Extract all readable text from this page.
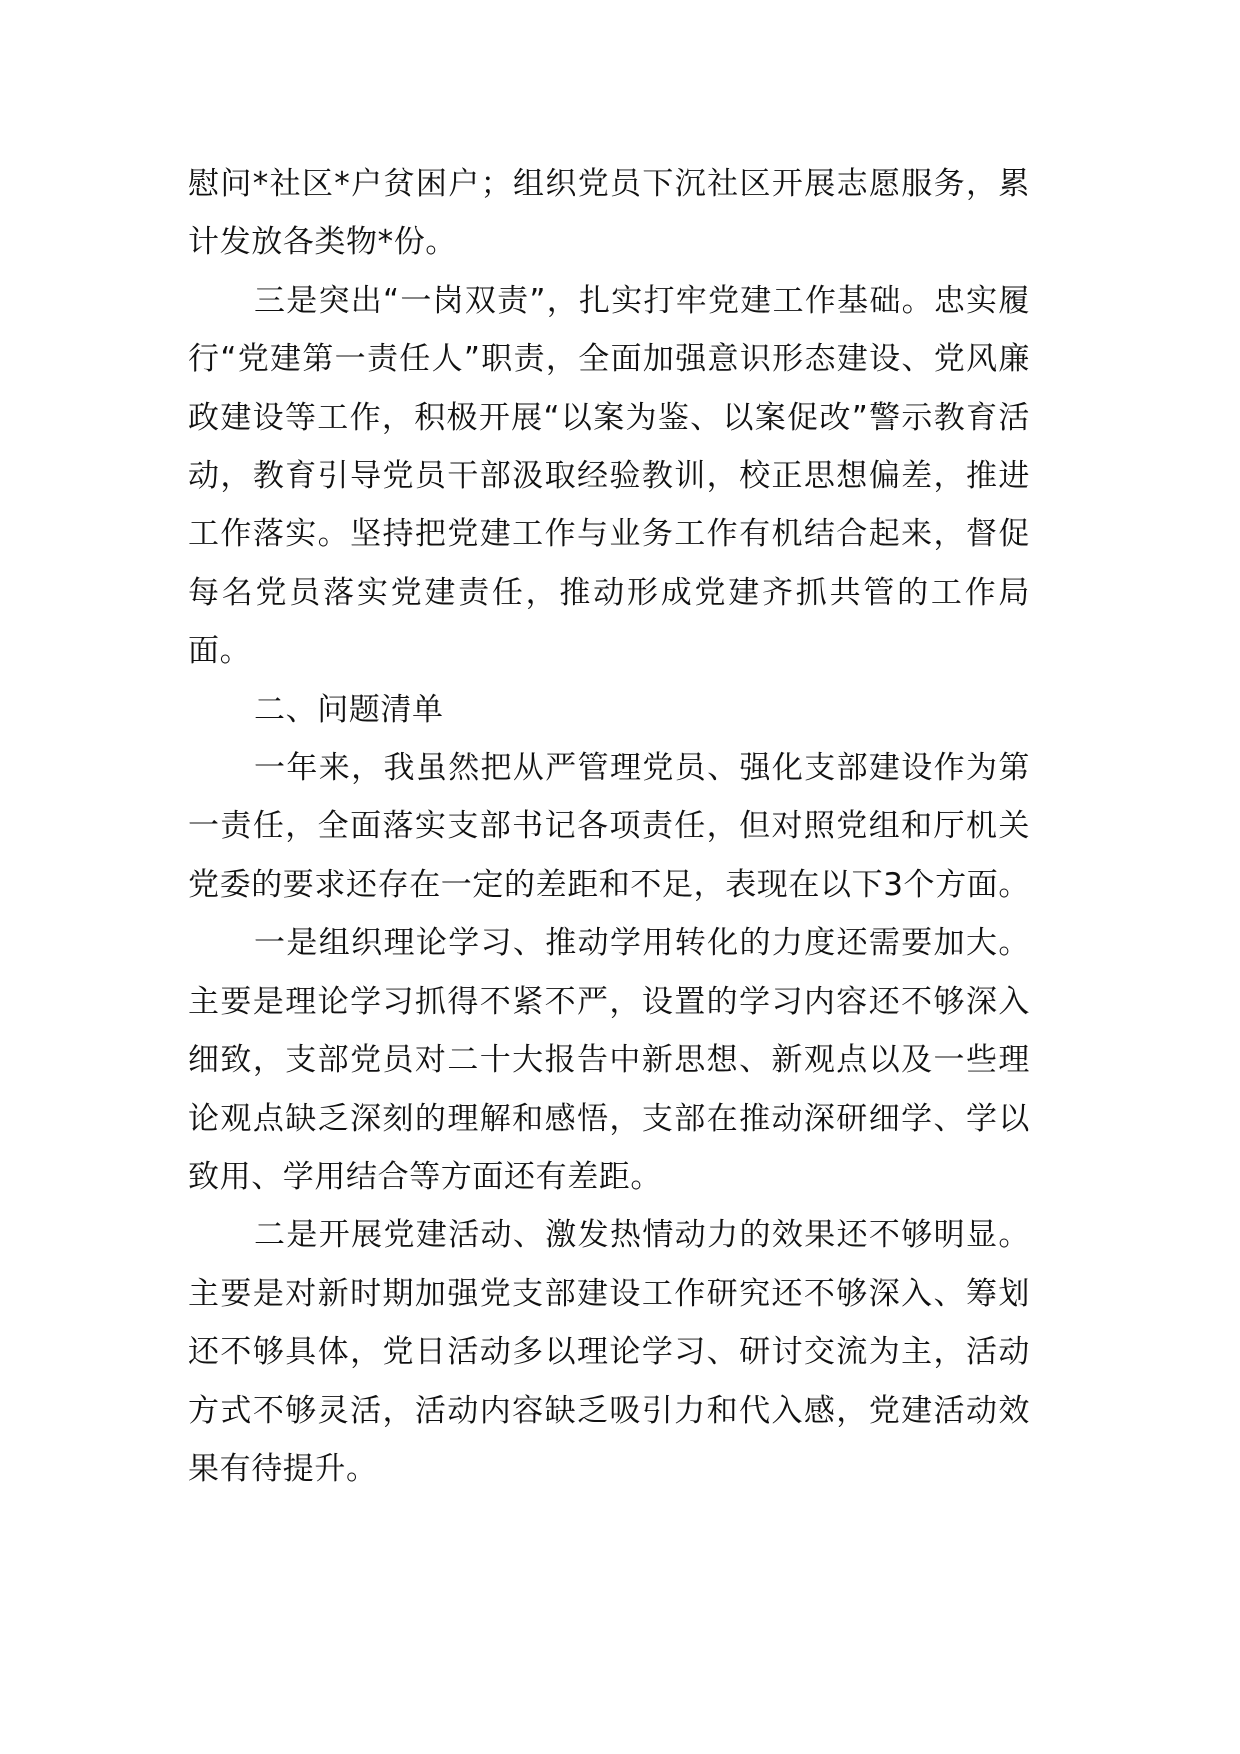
慰问*社区*户贫困户；组织党员下沉社区开展志愿服务，累计发放各类物*份。

三是突出“一岗双责”，扎实打牢党建工作基础。忠实履行“党建第一责任人”职责，全面加强意识形态建设、党风廉政建设等工作，积极开展“以案为鉴、以案促改”警示教育活动，教育引导党员干部汲取经验教训，校正思想偏差，推进工作落实。坚持把党建工作与业务工作有机结合起来，督促每名党员落实党建责任，推动形成党建齐抓共管的工作局面。

二、问题清单

一年来，我虽然把从严管理党员、强化支部建设作为第一责任，全面落实支部书记各项责任，但对照党组和厅机关党委的要求还存在一定的差距和不足，表现在以下3个方面。

一是组织理论学习、推动学用转化的力度还需要加大。主要是理论学习抓得不紧不严，设置的学习内容还不够深入细致，支部党员对二十大报告中新思想、新观点以及一些理论观点缺乏深刻的理解和感悟，支部在推动深研细学、学以致用、学用结合等方面还有差距。

二是开展党建活动、激发热情动力的效果还不够明显。主要是对新时期加强党支部建设工作研究还不够深入、筹划还不够具体，党日活动多以理论学习、研讨交流为主，活动方式不够灵活，活动内容缺乏吸引力和代入感，党建活动效果有待提升。
